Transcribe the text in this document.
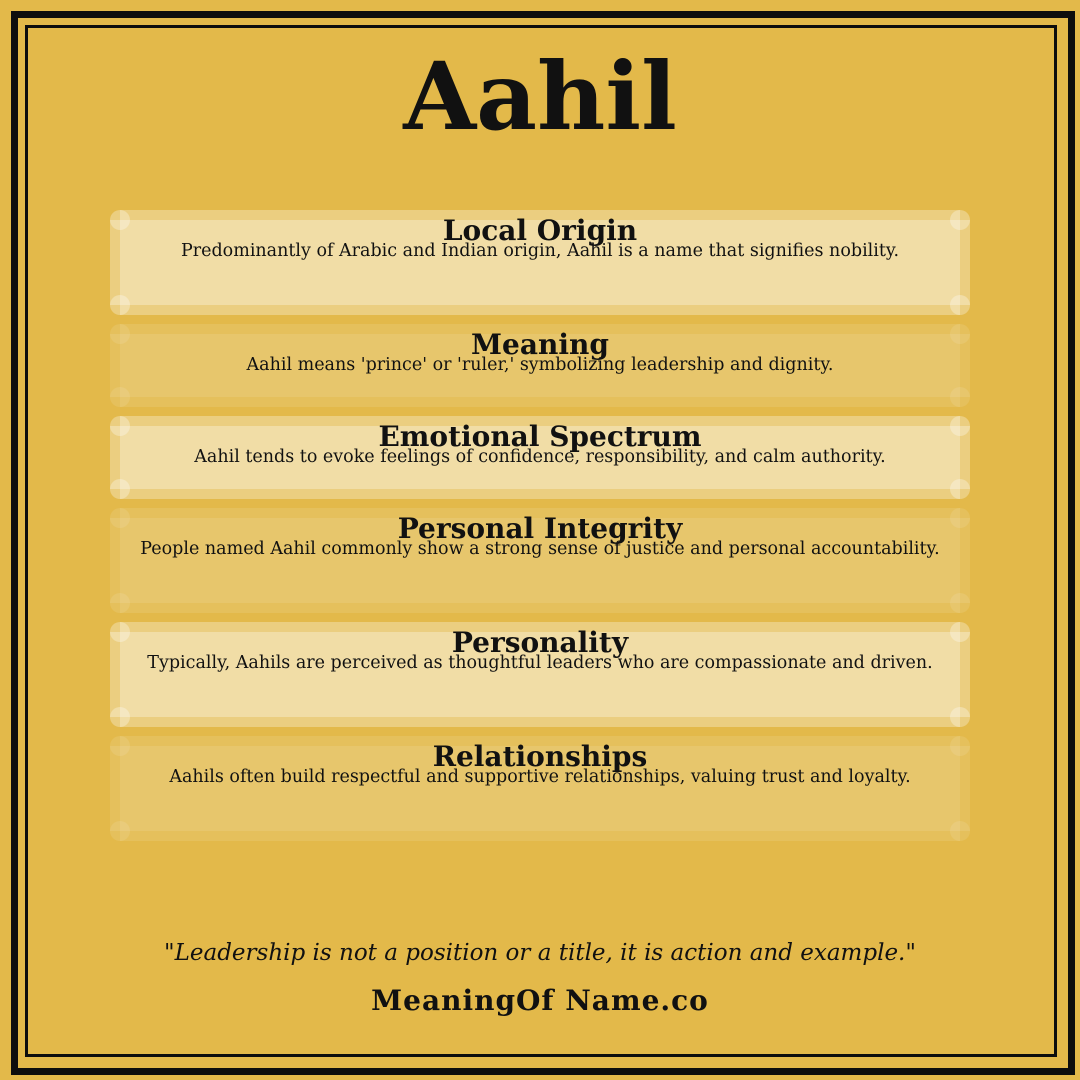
Aahil
Local Origin
Predominantly of Arabic and Indian origin, Aahil is a name that signifies nobility.
Meaning
Aahil means 'prince' or 'ruler,' symbolizing leadership and dignity.
Emotional Spectrum
Aahil tends to evoke feelings of confidence, responsibility, and calm authority.
Personal Integrity
People named Aahil commonly show a strong sense of justice and personal accountability.
Personality
Typically, Aahils are perceived as thoughtful leaders who are compassionate and driven.
Relationships
Aahils often build respectful and supportive relationships, valuing trust and loyalty.
"Leadership is not a position or a title, it is action and example."
MeaningOf Name.co
